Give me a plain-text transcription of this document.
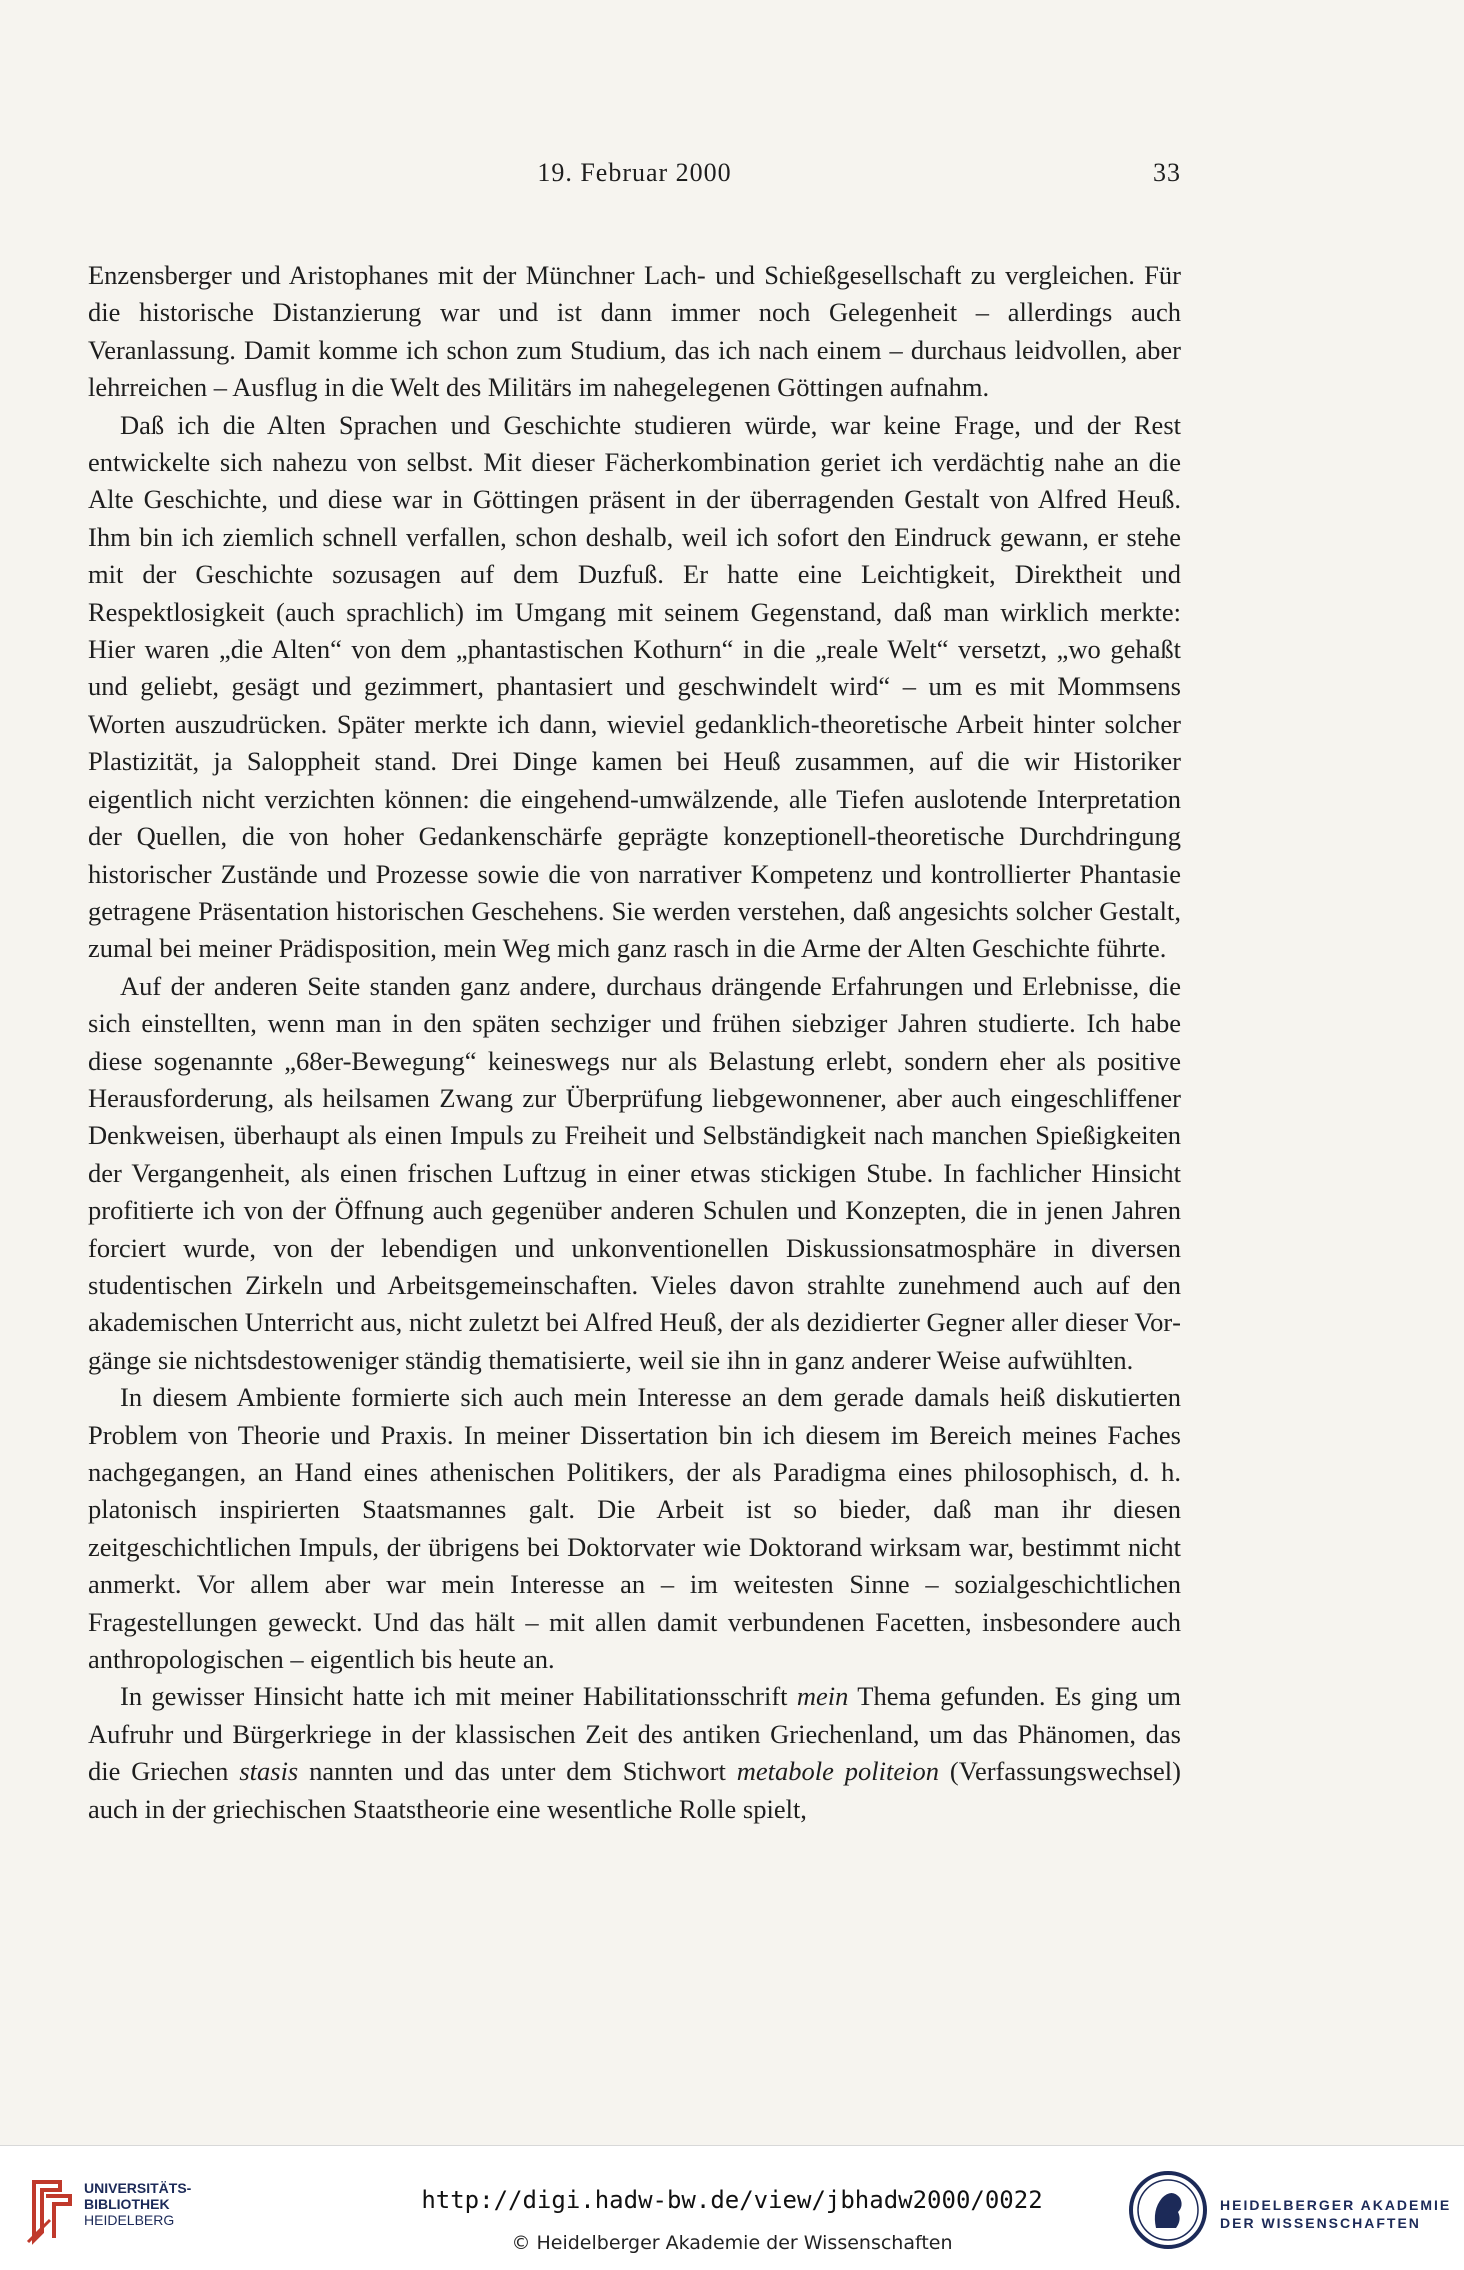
19. Februar 2000	33

Enzensberger und Aristophanes mit der Münchner Lach- und Schießgesellschaft zu vergleichen. Für die historische Distanzierung war und ist dann immer noch Gelegenheit – allerdings auch Veranlassung. Damit komme ich schon zum Studium, das ich nach einem – durchaus leidvollen, aber lehrreichen – Ausflug in die Welt des Militärs im nahegelegenen Göttingen aufnahm.

Daß ich die Alten Sprachen und Geschichte studieren würde, war keine Frage, und der Rest entwickelte sich nahezu von selbst. Mit dieser Fächerkombination geriet ich verdächtig nahe an die Alte Geschichte, und diese war in Göttingen präsent in der überragenden Gestalt von Alfred Heuß. Ihm bin ich ziemlich schnell verfallen, schon deshalb, weil ich sofort den Eindruck gewann, er stehe mit der Geschichte sozusagen auf dem Duzfuß. Er hatte eine Leichtigkeit, Direktheit und Respektlosigkeit (auch sprachlich) im Umgang mit seinem Gegenstand, daß man wirklich merkte: Hier waren „die Alten“ von dem „phantastischen Kothurn“ in die „reale Welt“ versetzt, „wo gehaßt und geliebt, gesägt und gezimmert, phantasiert und geschwindelt wird“ – um es mit Mommsens Worten auszudrücken. Später merkte ich dann, wieviel gedanklich-theoretische Arbeit hinter solcher Plastizität, ja Saloppheit stand. Drei Dinge kamen bei Heuß zusammen, auf die wir Historiker eigentlich nicht verzichten können: die eingehend-umwälzende, alle Tiefen auslotende Interpretation der Quellen, die von hoher Gedankenschärfe geprägte konzeptionell-theoretische Durchdringung historischer Zustände und Prozesse sowie die von narrativer Kompetenz und kontrollierter Phantasie getragene Präsentation historischen Geschehens. Sie werden verstehen, daß angesichts solcher Gestalt, zumal bei meiner Prädisposition, mein Weg mich ganz rasch in die Arme der Alten Geschichte führte.

Auf der anderen Seite standen ganz andere, durchaus drängende Erfahrungen und Erlebnisse, die sich einstellten, wenn man in den späten sechziger und frühen siebziger Jahren studierte. Ich habe diese sogenannte „68er-Bewegung“ keineswegs nur als Belastung erlebt, sondern eher als positive Herausforderung, als heilsamen Zwang zur Überprüfung liebgewonnener, aber auch eingeschliffener Denkweisen, überhaupt als einen Impuls zu Freiheit und Selbständigkeit nach manchen Spießigkeiten der Vergangenheit, als einen frischen Luftzug in einer etwas stickigen Stube. In fachlicher Hinsicht profitierte ich von der Öffnung auch gegenüber anderen Schulen und Konzepten, die in jenen Jahren forciert wurde, von der lebendigen und unkonventionellen Diskussionsatmosphäre in diversen studentischen Zirkeln und Arbeitsgemeinschaften. Vieles davon strahlte zunehmend auch auf den akademischen Unterricht aus, nicht zuletzt bei Alfred Heuß, der als dezidierter Gegner aller dieser Vorgänge sie nichtsdestoweniger ständig thematisierte, weil sie ihn in ganz anderer Weise aufwühlten.

In diesem Ambiente formierte sich auch mein Interesse an dem gerade damals heiß diskutierten Problem von Theorie und Praxis. In meiner Dissertation bin ich diesem im Bereich meines Faches nachgegangen, an Hand eines athenischen Politikers, der als Paradigma eines philosophisch, d. h. platonisch inspirierten Staatsmannes galt. Die Arbeit ist so bieder, daß man ihr diesen zeitgeschichtlichen Impuls, der übrigens bei Doktorvater wie Doktorand wirksam war, bestimmt nicht anmerkt. Vor allem aber war mein Interesse an – im weitesten Sinne – sozialgeschichtlichen Fragestellungen geweckt. Und das hält – mit allen damit verbundenen Facetten, insbesondere auch anthropologischen – eigentlich bis heute an.

In gewisser Hinsicht hatte ich mit meiner Habilitationsschrift mein Thema gefunden. Es ging um Aufruhr und Bürgerkriege in der klassischen Zeit des antiken Griechenland, um das Phänomen, das die Griechen stasis nannten und das unter dem Stichwort metabole politeion (Verfassungswechsel) auch in der griechischen Staatstheorie eine wesentliche Rolle spielt,

UNIVERSITÄTS-
BIBLIOTHEK
HEIDELBERG
http://digi.hadw-bw.de/view/jbhadw2000/0022
© Heidelberger Akademie der Wissenschaften
HEIDELBERGER AKADEMIE
DER WISSENSCHAFTEN
